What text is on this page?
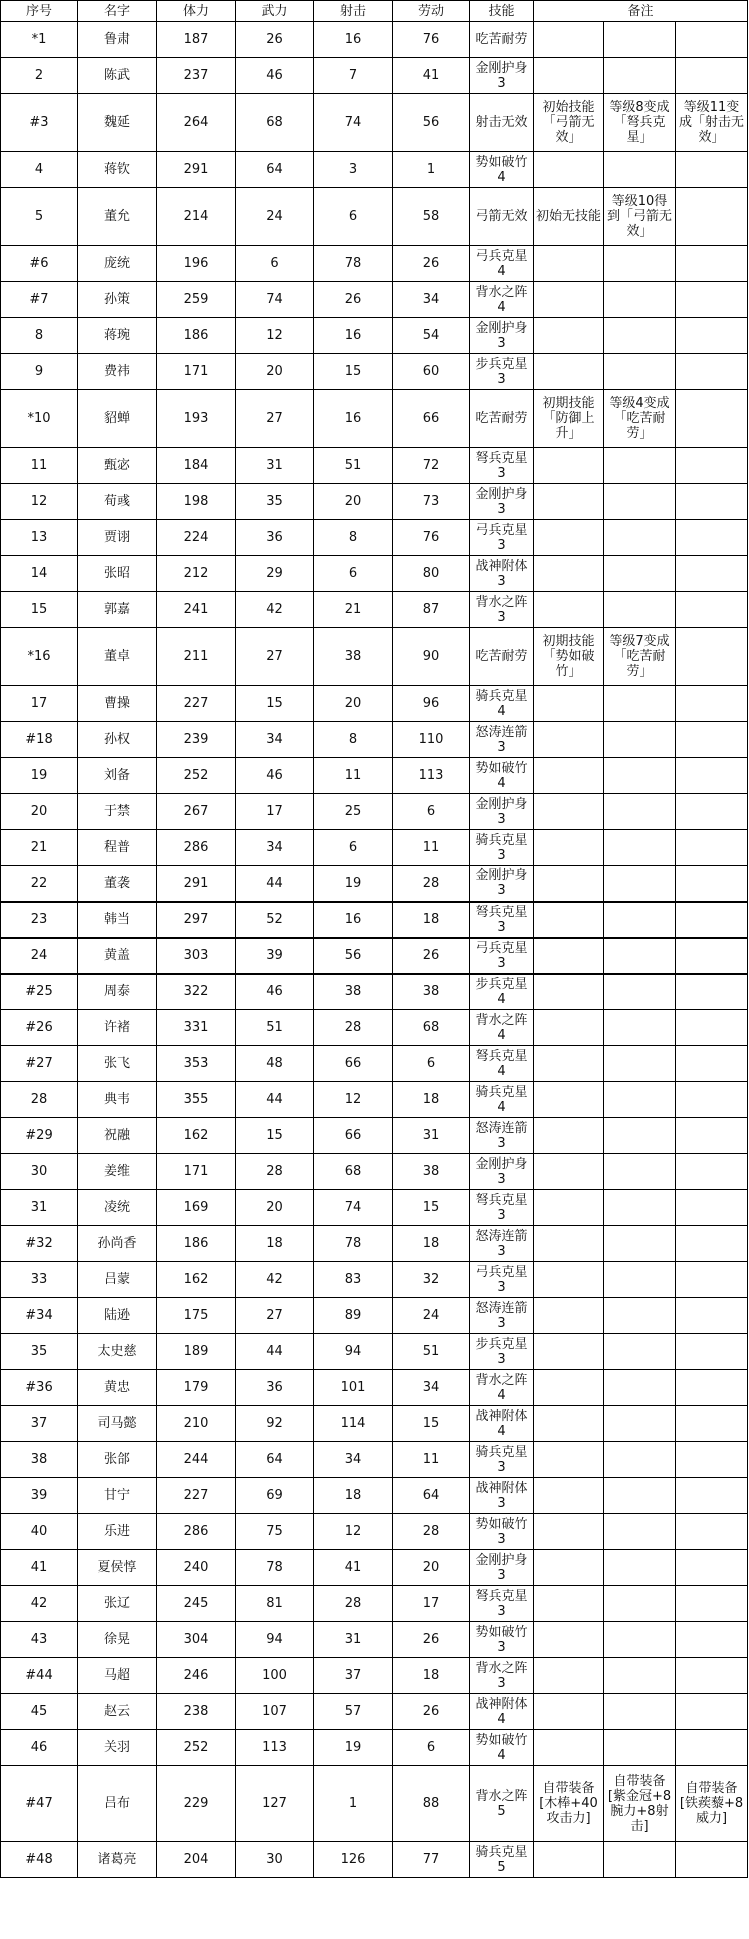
序号	名字	体力	武力	射击	劳动	技能	备注		
*1	鲁肃	187	26	16	76	吃苦耐劳			
2	陈武	237	46	7	41	金刚护身3			
#3	魏延	264	68	74	56	射击无效	初始技能「弓箭无效」	等级8变成「弩兵克星」	等级11变成「射击无效」
4	蒋钦	291	64	3	1	势如破竹4			
5	董允	214	24	6	58	弓箭无效	初始无技能	等级10得到「弓箭无效」	
#6	庞统	196	6	78	26	弓兵克星4			
#7	孙策	259	74	26	34	背水之阵4			
8	蒋琬	186	12	16	54	金刚护身3			
9	费祎	171	20	15	60	步兵克星3			
*10	貂蝉	193	27	16	66	吃苦耐劳	初期技能「防御上升」	等级4变成「吃苦耐劳」	
11	甄宓	184	31	51	72	弩兵克星3			
12	荀彧	198	35	20	73	金刚护身3			
13	贾诩	224	36	8	76	弓兵克星3			
14	张昭	212	29	6	80	战神附体3			
15	郭嘉	241	42	21	87	背水之阵3			
*16	董卓	211	27	38	90	吃苦耐劳	初期技能「势如破竹」	等级7变成「吃苦耐劳」	
17	曹操	227	15	20	96	骑兵克星4			
#18	孙权	239	34	8	110	怒涛连箭3			
19	刘备	252	46	11	113	势如破竹4			
20	于禁	267	17	25	6	金刚护身3			
21	程普	286	34	6	11	骑兵克星3			
22	董袭	291	44	19	28	金刚护身3			
23	韩当	297	52	16	18	弩兵克星3			
24	黄盖	303	39	56	26	弓兵克星3			
#25	周泰	322	46	38	38	步兵克星4			
#26	许褚	331	51	28	68	背水之阵4			
#27	张飞	353	48	66	6	弩兵克星4			
28	典韦	355	44	12	18	骑兵克星4			
#29	祝融	162	15	66	31	怒涛连箭3			
30	姜维	171	28	68	38	金刚护身3			
31	凌统	169	20	74	15	弩兵克星3			
#32	孙尚香	186	18	78	18	怒涛连箭3			
33	吕蒙	162	42	83	32	弓兵克星3			
#34	陆逊	175	27	89	24	怒涛连箭3			
35	太史慈	189	44	94	51	步兵克星3			
#36	黄忠	179	36	101	34	背水之阵4			
37	司马懿	210	92	114	15	战神附体4			
38	张郃	244	64	34	11	骑兵克星3			
39	甘宁	227	69	18	64	战神附体3			
40	乐进	286	75	12	28	势如破竹3			
41	夏侯惇	240	78	41	20	金刚护身3			
42	张辽	245	81	28	17	弩兵克星3			
43	徐晃	304	94	31	26	势如破竹3			
#44	马超	246	100	37	18	背水之阵3			
45	赵云	238	107	57	26	战神附体4			
46	关羽	252	113	19	6	势如破竹4			
#47	吕布	229	127	1	88	背水之阵5	自带装备[木棒+40攻击力]	自带装备[紫金冠+8腕力+8射击]	自带装备[铁蒺藜+8威力]
#48	诸葛亮	204	30	126	77	骑兵克星5			
